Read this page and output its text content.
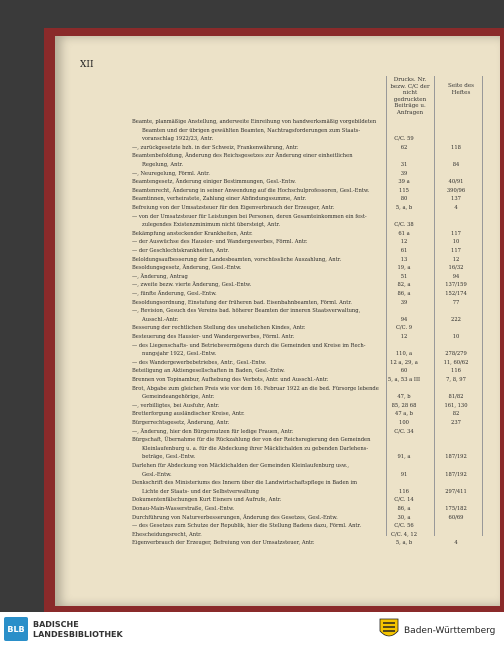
XII
Drucks. Nr. bezw. C/C der nicht gedruckten Beiträge u. Anfragen
Seite des Heftes
Beamte, planmäßige Anstellung, anderweite Einreihung von handwerksmäßig vorgebildeten
Beamten und der übrigen gewählten Beamten, Nachtragsforderungen zum Staats-
voranschlag 1922/23, Antr.	C/C. 59
—, zurückgesetzte bzh. in der Schweiz, Frankenwährung, Antr.	62	118
Beamtenbefoldung, Änderung des Reichsgesetzes zur Änderung einer einheitlichen
Regelung, Antr.	31	84
—, Neuregelung, Förml. Antr.	39
Beamtengesetz, Änderung einiger Bestimmungen, Gesl.-Entw.	39 a	40/91
Beamtenrecht, Änderung in seiner Anwendung auf die Hochschulprofessoren, Gesl.-Entw.	115	390/96
Beamtinnen, verheiratete, Zahlung einer Abfindungssumme, Antr.	80	137
Befreiung von der Umsatzsteuer für den Eigenverbrauch der Erzeuger, Antr.	5, a, b	4
— von der Umsatzsteuer für Leistungen bei Personen, deren Gesamteinkommen ein fest-
zulegendes Existenzminimum nicht übersteigt, Antr.	C/C. 38
Bekämpfung ansteckender Krankheiten, Antr.	61 a	117
— der Auswüchse des Hausier- und Wandergewerbes, Förml. Antr.	12	10
— der Geschlechtskrankheiten, Antr.	61	117
Beloldungsaufbesserung der Landesbeamten, vorschüssliche Auszahlung, Antr.	13	12
Besoldungsgesetz, Änderung, Gesl.-Entw.	19, a	16/32
—, Änderung, Antrag	51	94
—, zweite bezw. vierte Änderung, Gesl.-Entw.	82, a	137/159
—, fünfte Änderung, Gesl.-Entw.	86, a	152/174
Besoldungsordnung, Einstufung der früheren bad. Eisenbahnbeamten, Förml. Antr.	39	77
—, Revision, Gesuch des Vereins bad. höherer Beamten der inneren Staatsverwaltung,
Ausschl.-Antr.	94	222
Besserung der rechtlichen Stellung des unehelichen Kindes, Antr.	C/C. 9
Besteuerung des Hausier- und Wandergewerbes, Förml. Antr.	12	10
— des Liegenschafts- und Betriebsvermögens durch die Gemeinden und Kreise im Rech-
nungsjahr 1922, Gesl.-Entw.	110, a	278/279
— des Wandergewerbebetriebes, Antr., Gesl.-Entw.	12 a, 29, a	11, 60/62
Beteiligung an Aktiengesellschaften in Baden, Gesl.-Entw.	60	116
Brennen von Topinambur, Aufhebung des Verbots, Antr. und Ausschl.-Antr.	5, a, 53 a III	7, 8, 97
Brot, Abgabe zum gleichen Preis wie vor dem 16. Februar 1922 an die bed. Fürsorge lebende
Gemeindeangehörige, Antr.	47, b	81/82
—, verbilligtes, bei Ausfuhr, Antr.	85, 28 68	161, 130
Bretterforgung ausländischer Kreise, Antr.	47 a, b	82
Bürgerrechtsgesetz, Änderung, Antr.	100	237
—, Änderung, hier den Bürgernutzen für ledige Frauen, Antr.	C/C. 34
Bürgschaft, Übernahme für die Rückzahlung der von der Reichsregierung den Gemeinden
Kleinlaufenburg u. a. für die Abdeckung ihrer Mäcklichalden zu gebenden Darlehens-
beträge, Gesl.-Entw.	91, a	187/192
Darlehen für Abdeckung von Mäcklichalden der Gemeinden Kleinlaufenburg usw.,
Gesl.-Entw.	91	187/192
Denkschrift des Ministeriums des Innern über die Landwirtschaftspflege in Baden im
Lichte der Staats- und der Selbstverwaltung	116	297/411
Dokumentenfälschungen Kurt Eisners und Aufrufe, Antr.	C/C. 14
Donau-Main-Wasserstraße, Gesl.-Entw.	86, a	175/182
Durchführung von Naturverbesserungen, Änderung des Gesetzes, Gesl.-Entw.	30, a	60/69
— des Gesetzes zum Schutze der Republik, hier die Stellung Badens dazu, Förml. Antr.	C/C. 56
Ehescheidungsrecht, Antr.	C/C. 4, 12
Eigenverbrauch der Erzeuger, Befreiung von der Umsatzsteuer, Antr.	5, a, b	4
BLB	BADISCHE
LANDESBIBLIOTHEK	Baden-Württemberg
